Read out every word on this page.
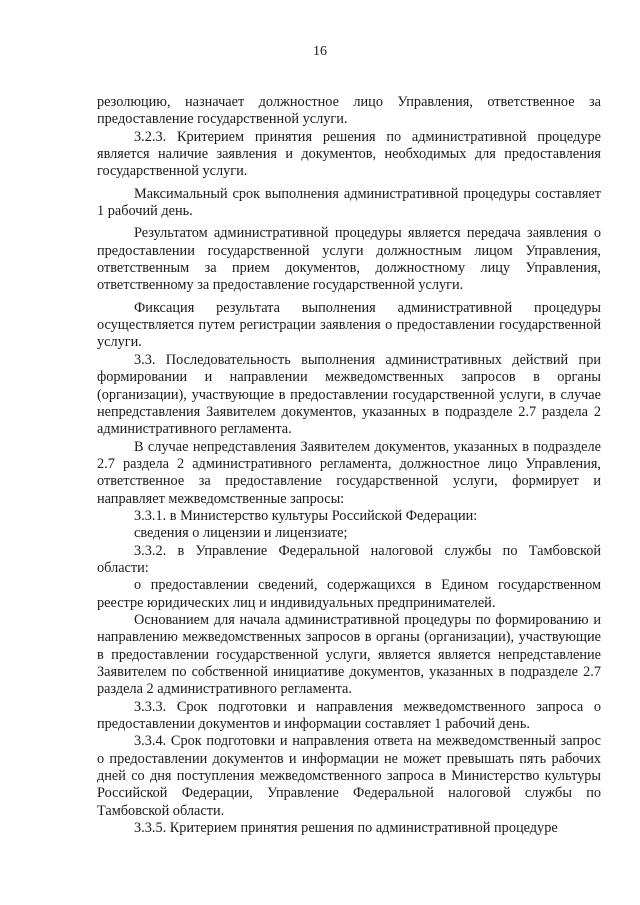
16

резолюцию, назначает должностное лицо Управления, ответственное за предоставление государственной услуги.

3.2.3. Критерием принятия решения по административной процедуре является наличие заявления и документов, необходимых для предоставления государственной услуги.

Максимальный срок выполнения административной процедуры составляет 1 рабочий день.

Результатом административной процедуры является передача заявления о предоставлении государственной услуги должностным лицом Управления, ответственным за прием документов, должностному лицу Управления, ответственному за предоставление государственной услуги.

Фиксация результата выполнения административной процедуры осуществляется путем регистрации заявления о предоставлении государственной услуги.

3.3. Последовательность выполнения административных действий при формировании и направлении межведомственных запросов в органы (организации), участвующие в предоставлении государственной услуги, в случае непредставления Заявителем документов, указанных в подразделе 2.7 раздела 2 административного регламента.

В случае непредставления Заявителем документов, указанных в подразделе 2.7 раздела 2 административного регламента, должностное лицо Управления, ответственное за предоставление государственной услуги, формирует и направляет межведомственные запросы:

3.3.1. в Министерство культуры Российской Федерации:

сведения о лицензии и лицензиате;

3.3.2. в Управление Федеральной налоговой службы по Тамбовской области:

о предоставлении сведений, содержащихся в Едином государственном реестре юридических лиц и индивидуальных предпринимателей.

Основанием для начала административной процедуры по формированию и направлению межведомственных запросов в органы (организации), участвующие в предоставлении государственной услуги, является является непредставление Заявителем по собственной инициативе документов, указанных в подразделе 2.7 раздела 2 административного регламента.

3.3.3. Срок подготовки и направления межведомственного запроса о предоставлении документов и информации составляет 1 рабочий день.

3.3.4. Срок подготовки и направления ответа на межведомственный запрос о предоставлении документов и информации не может превышать пять рабочих дней со дня поступления межведомственного запроса в Министерство культуры Российской Федерации, Управление Федеральной налоговой службы по Тамбовской области.

3.3.5. Критерием принятия решения по административной процедуре
